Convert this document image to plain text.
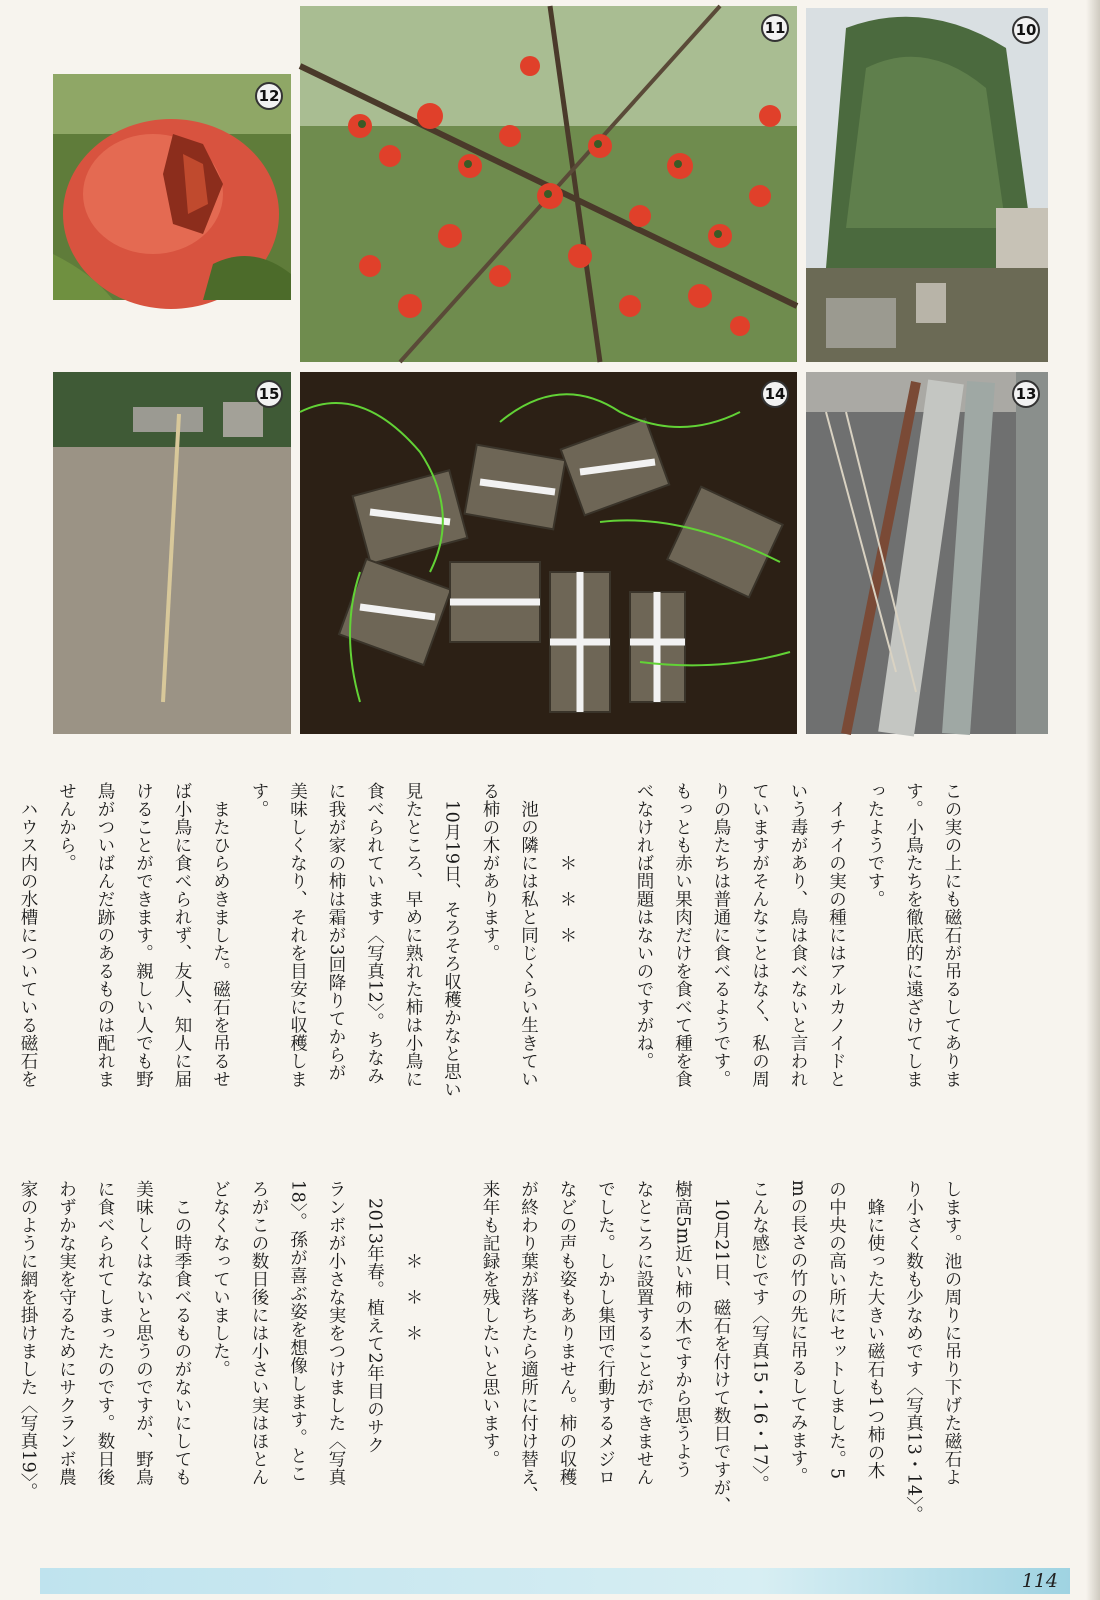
12
11	10
15	14	13

この実の上にも磁石が吊るしてありま
す。小鳥たちを徹底的に遠ざけてしま
ったようです。
　イチイの実の種にはアルカノイドと
いう毒があり、鳥は食べないと言われ
ていますがそんなことはなく、私の周
りの鳥たちは普通に食べるようです。
もっとも赤い果肉だけを食べて種を食
べなければ問題はないのですがね。

　　　　＊　＊　＊
　池の隣には私と同じくらい生きてい
る柿の木があります。
　10月19日、そろそろ収穫かなと思い
見たところ、早めに熟れた柿は小鳥に
食べられています〈写真12〉。ちなみ
に我が家の柿は霜が3回降りてからが
美味しくなり、それを目安に収穫しま
す。
　またひらめきました。磁石を吊るせ
ば小鳥に食べられず、友人、知人に届
けることができます。親しい人でも野
鳥がついばんだ跡のあるものは配れま
せんから。
　ハウス内の水槽についている磁石を

します。池の周りに吊り下げた磁石よ
り小さく数も少なめです〈写真13・14〉。
　蜂に使った大きい磁石も1つ柿の木
の中央の高い所にセットしました。5
mの長さの竹の先に吊るしてみます。
こんな感じです〈写真15・16・17〉。
　10月21日、磁石を付けて数日ですが、
樹高5m近い柿の木ですから思うよう
なところに設置することができません
でした。しかし集団で行動するメジロ
などの声も姿もありません。柿の収穫
が終わり葉が落ちたら適所に付け替え、
来年も記録を残したいと思います。

　　　　＊　＊　＊
　2013年春。植えて2年目のサク
ランボが小さな実をつけました〈写真
18〉。孫が喜ぶ姿を想像します。とこ
ろがこの数日後には小さい実はほとん
どなくなっていました。
　この時季食べるものがないにしても
美味しくはないと思うのですが、野鳥
に食べられてしまったのです。数日後
わずかな実を守るためにサクランボ農
家のように網を掛けました〈写真19〉。

114
